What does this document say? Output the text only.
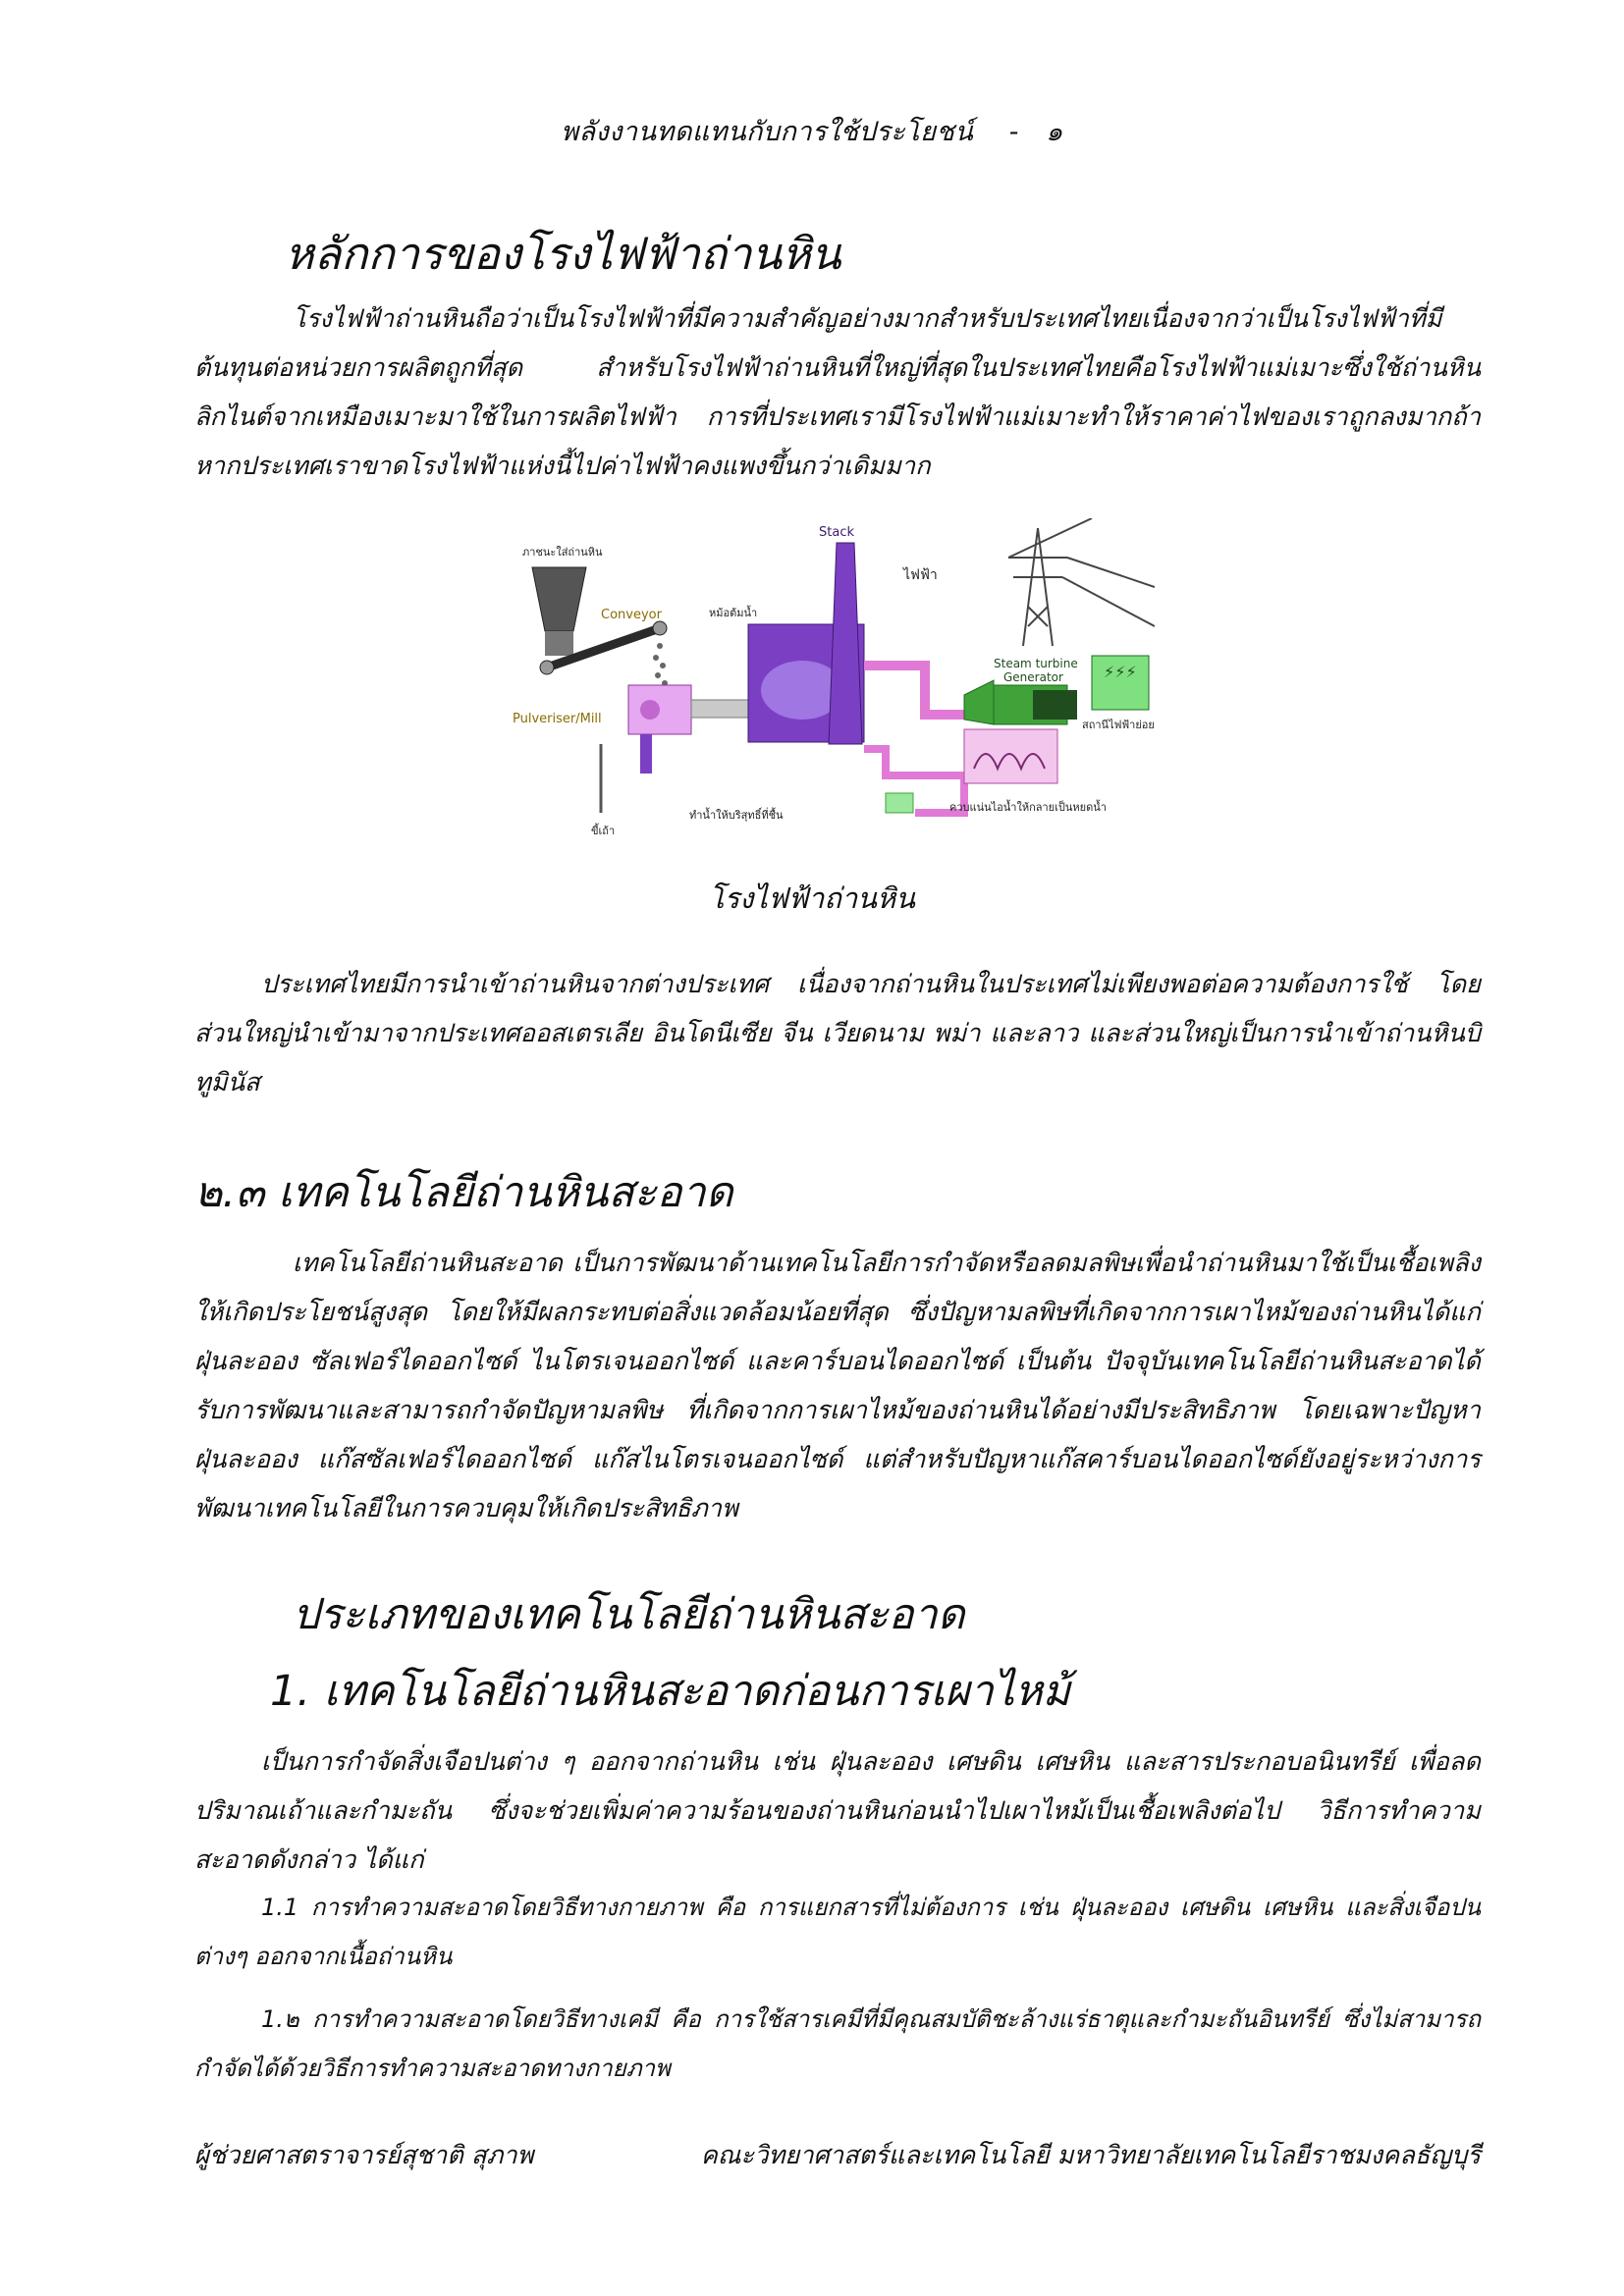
พลังงานทดแทนกับการใช้ประโยชน์ - ๑
หลักการของโรงไฟฟ้าถ่านหิน

โรงไฟฟ้าถ่านหินถือว่าเป็นโรงไฟฟ้าที่มีความสำคัญอย่างมากสำหรับประเทศไทยเนื่องจากว่าเป็นโรงไฟฟ้าที่มีต้นทุนต่อหน่วยการผลิตถูกที่สุด สำหรับโรงไฟฟ้าถ่านหินที่ใหญ่ที่สุดในประเทศไทยคือโรงไฟฟ้าแม่เมาะซึ่งใช้ถ่านหินลิกไนต์จากเหมืองเมาะมาใช้ในการผลิตไฟฟ้า การที่ประเทศเรามีโรงไฟฟ้าแม่เมาะทำให้ราคาค่าไฟของเราถูกลงมากถ้าหากประเทศเราขาดโรงไฟฟ้าแห่งนี้ไปค่าไฟฟ้าคงแพงขึ้นกว่าเดิมมาก

ภาชนะใส่ถ่านหิน
Conveyor
Pulveriser/Mill
หม้อต้มน้ำ
Stack
ขี้เถ้า
ควบแน่นไอน้ำให้กลายเป็นหยดน้ำ
ทำน้ำให้บริสุทธิ์ที่ชื้น
Steam turbine
Generator	⚡⚡⚡
สถานีไฟฟ้าย่อย
ไฟฟ้า
โรงไฟฟ้าถ่านหิน

ประเทศไทยมีการนำเข้าถ่านหินจากต่างประเทศ เนื่องจากถ่านหินในประเทศไม่เพียงพอต่อความต้องการใช้ โดยส่วนใหญ่นำเข้ามาจากประเทศออสเตรเลีย อินโดนีเซีย จีน เวียดนาม พม่า และลาว และส่วนใหญ่เป็นการนำเข้าถ่านหินบิทูมินัส

๒.๓ เทคโนโลยีถ่านหินสะอาด

เทคโนโลยีถ่านหินสะอาด เป็นการพัฒนาด้านเทคโนโลยีการกำจัดหรือลดมลพิษเพื่อนำถ่านหินมาใช้เป็นเชื้อเพลิงให้เกิดประโยชน์สูงสุด โดยให้มีผลกระทบต่อสิ่งแวดล้อมน้อยที่สุด ซึ่งปัญหามลพิษที่เกิดจากการเผาไหม้ของถ่านหินได้แก่ ฝุ่นละออง ซัลเฟอร์ไดออกไซด์ ไนโตรเจนออกไซด์ และคาร์บอนไดออกไซด์ เป็นต้น ปัจจุบันเทคโนโลยีถ่านหินสะอาดได้รับการพัฒนาและสามารถกำจัดปัญหามลพิษ ที่เกิดจากการเผาไหม้ของถ่านหินได้อย่างมีประสิทธิภาพ โดยเฉพาะปัญหาฝุ่นละออง แก๊สซัลเฟอร์ไดออกไซด์ แก๊สไนโตรเจนออกไซด์ แต่สำหรับปัญหาแก๊สคาร์บอนไดออกไซด์ยังอยู่ระหว่างการพัฒนาเทคโนโลยีในการควบคุมให้เกิดประสิทธิภาพ

ประเภทของเทคโนโลยีถ่านหินสะอาด
1. เทคโนโลยีถ่านหินสะอาดก่อนการเผาไหม้

เป็นการกำจัดสิ่งเจือปนต่าง ๆ ออกจากถ่านหิน เช่น ฝุ่นละออง เศษดิน เศษหิน และสารประกอบอนินทรีย์ เพื่อลดปริมาณเถ้าและกำมะถัน ซึ่งจะช่วยเพิ่มค่าความร้อนของถ่านหินก่อนนำไปเผาไหม้เป็นเชื้อเพลิงต่อไป วิธีการทำความสะอาดดังกล่าว ได้แก่

1.1 การทำความสะอาดโดยวิธีทางกายภาพ คือ การแยกสารที่ไม่ต้องการ เช่น ฝุ่นละออง เศษดิน เศษหิน และสิ่งเจือปนต่างๆ ออกจากเนื้อถ่านหิน

1.๒ การทำความสะอาดโดยวิธีทางเคมี คือ การใช้สารเคมีที่มีคุณสมบัติชะล้างแร่ธาตุและกำมะถันอินทรีย์ ซึ่งไม่สามารถกำจัดได้ด้วยวิธีการทำความสะอาดทางกายภาพ

ผู้ช่วยศาสตราจารย์สุชาติ สุภาพ	คณะวิทยาศาสตร์และเทคโนโลยี มหาวิทยาลัยเทคโนโลยีราชมงคลธัญบุรี
